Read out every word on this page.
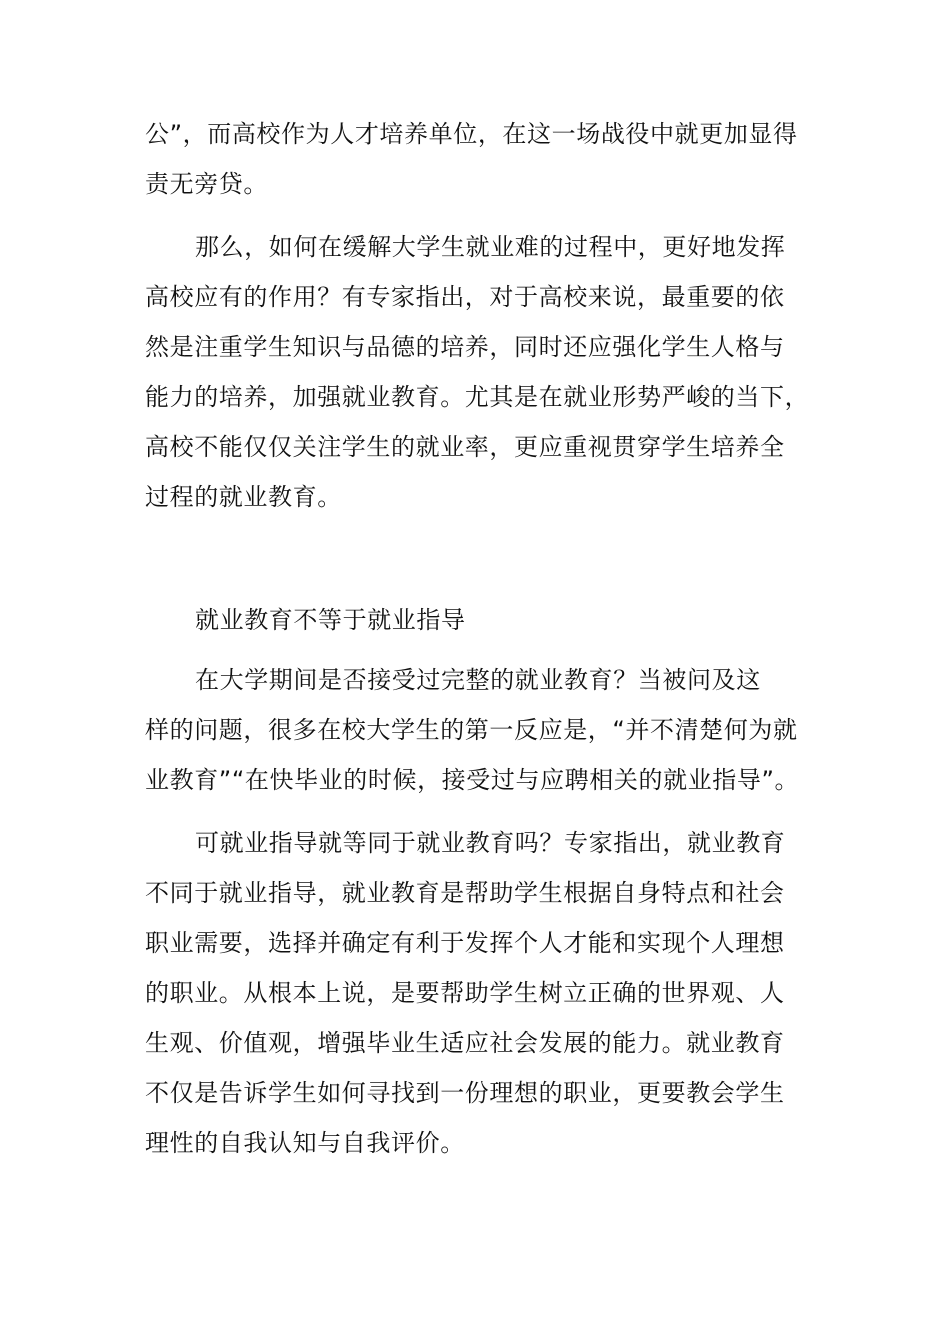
公”，而高校作为人才培养单位，在这一场战役中就更加显得
责无旁贷。
那么，如何在缓解大学生就业难的过程中，更好地发挥
高校应有的作用？有专家指出，对于高校来说，最重要的依
然是注重学生知识与品德的培养，同时还应强化学生人格与
能力的培养，加强就业教育。尤其是在就业形势严峻的当下，
高校不能仅仅关注学生的就业率，更应重视贯穿学生培养全
过程的就业教育。
就业教育不等于就业指导
在大学期间是否接受过完整的就业教育？当被问及这
样的问题，很多在校大学生的第一反应是，“并不清楚何为就
业教育”“在快毕业的时候，接受过与应聘相关的就业指导”。
可就业指导就等同于就业教育吗？专家指出，就业教育
不同于就业指导，就业教育是帮助学生根据自身特点和社会
职业需要，选择并确定有利于发挥个人才能和实现个人理想
的职业。从根本上说，是要帮助学生树立正确的世界观、人
生观、价值观，增强毕业生适应社会发展的能力。就业教育
不仅是告诉学生如何寻找到一份理想的职业，更要教会学生
理性的自我认知与自我评价。
